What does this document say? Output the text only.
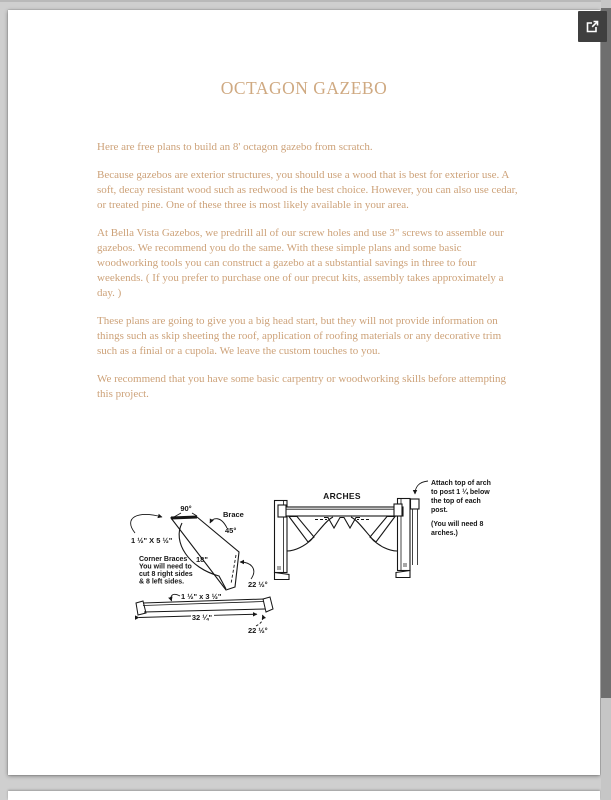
OCTAGON GAZEBO

Here are free plans to build an 8' octagon gazebo from scratch.

Because gazebos are exterior structures, you should use a wood that is best for exterior use. A soft, decay resistant wood such as redwood is the best choice. However, you can also use cedar, or treated pine. One of these three is most likely available in your area.

At Bella Vista Gazebos, we predrill all of our screw holes and use 3" screws to assemble our gazebos. We recommend you do the same. With these simple plans and some basic woodworking tools you can construct a gazebo at a substantial savings in three to four weekends. ( If you prefer to purchase one of our precut kits, assembly takes approximately a day. )

These plans are going to give you a big head start, but they will not provide information on things such as skip sheeting the roof, application of roofing materials or any decorative trim such as a finial or a cupola. We leave the custom touches to you.

We recommend that you have some basic carpentry or woodworking skills before attempting this project.

90°
Brace
45°
1 ½" X 5 ½"
Corner Braces
You will need to
cut 8 right sides
& 8 left sides.
18"
22 ½°
1 ½" x 3 ½"
32 ¼"
22 ½°
ARCHES
Attach top of arch
to post 1 ¼ below
the top of each
post.
(You will need 8
arches.)
